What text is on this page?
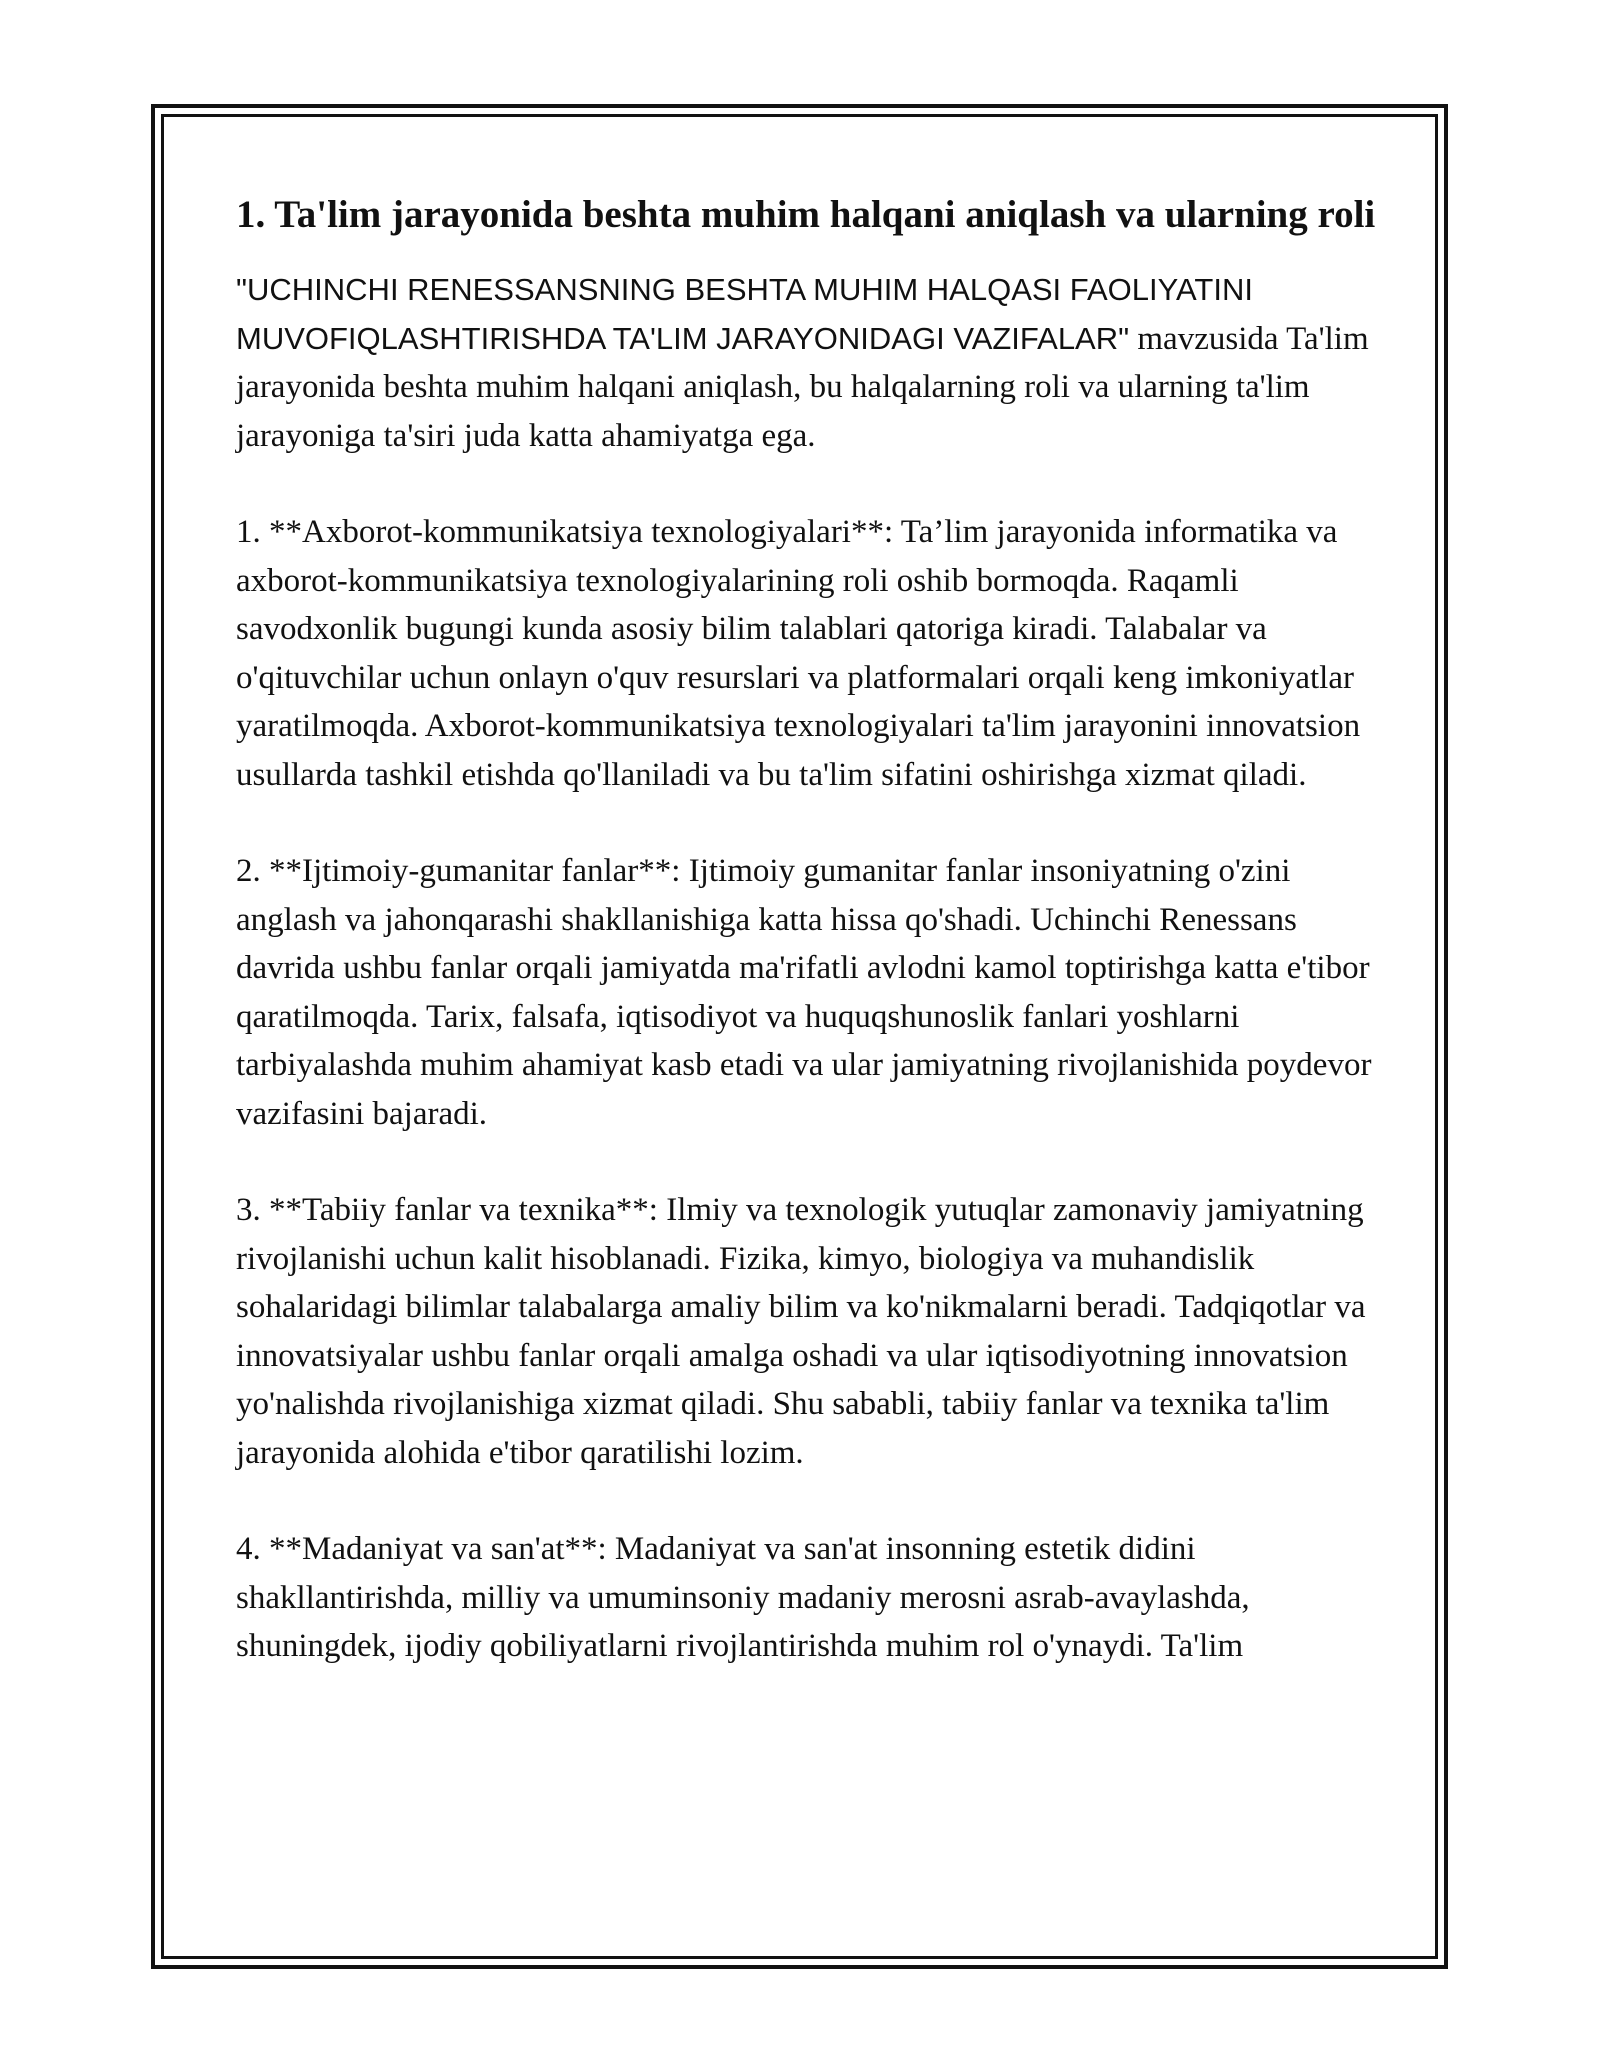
1. Ta'lim jarayonida beshta muhim halqani aniqlash va ularning roli

"UCHINCHI RENESSANSNING BESHTA MUHIM HALQASI FAOLIYATINI MUVOFIQLASHTIRISHDA TA'LIM JARAYONIDAGI VAZIFALAR" mavzusida Ta'lim jarayonida beshta muhim halqani aniqlash, bu halqalarning roli va ularning ta'lim jarayoniga ta'siri juda katta ahamiyatga ega.

1. **Axborot-kommunikatsiya texnologiyalari**: Ta’lim jarayonida informatika va axborot-kommunikatsiya texnologiyalarining roli oshib bormoqda. Raqamli savodxonlik bugungi kunda asosiy bilim talablari qatoriga kiradi. Talabalar va o'qituvchilar uchun onlayn o'quv resurslari va platformalari orqali keng imkoniyatlar yaratilmoqda. Axborot-kommunikatsiya texnologiyalari ta'lim jarayonini innovatsion usullarda tashkil etishda qo'llaniladi va bu ta'lim sifatini oshirishga xizmat qiladi.

2. **Ijtimoiy-gumanitar fanlar**: Ijtimoiy gumanitar fanlar insoniyatning o'zini anglash va jahonqarashi shakllanishiga katta hissa qo'shadi. Uchinchi Renessans davrida ushbu fanlar orqali jamiyatda ma'rifatli avlodni kamol toptirishga katta e'tibor qaratilmoqda. Tarix, falsafa, iqtisodiyot va huquqshunoslik fanlari yoshlarni tarbiyalashda muhim ahamiyat kasb etadi va ular jamiyatning rivojlanishida poydevor vazifasini bajaradi.

3. **Tabiiy fanlar va texnika**: Ilmiy va texnologik yutuqlar zamonaviy jamiyatning rivojlanishi uchun kalit hisoblanadi. Fizika, kimyo, biologiya va muhandislik sohalaridagi bilimlar talabalarga amaliy bilim va ko'nikmalarni beradi. Tadqiqotlar va innovatsiyalar ushbu fanlar orqali amalga oshadi va ular iqtisodiyotning innovatsion yo'nalishda rivojlanishiga xizmat qiladi. Shu sababli, tabiiy fanlar va texnika ta'lim jarayonida alohida e'tibor qaratilishi lozim.

4. **Madaniyat va san'at**: Madaniyat va san'at insonning estetik didini shakllantirishda, milliy va umuminsoniy madaniy merosni asrab-avaylashda, shuningdek, ijodiy qobiliyatlarni rivojlantirishda muhim rol o'ynaydi. Ta'lim
